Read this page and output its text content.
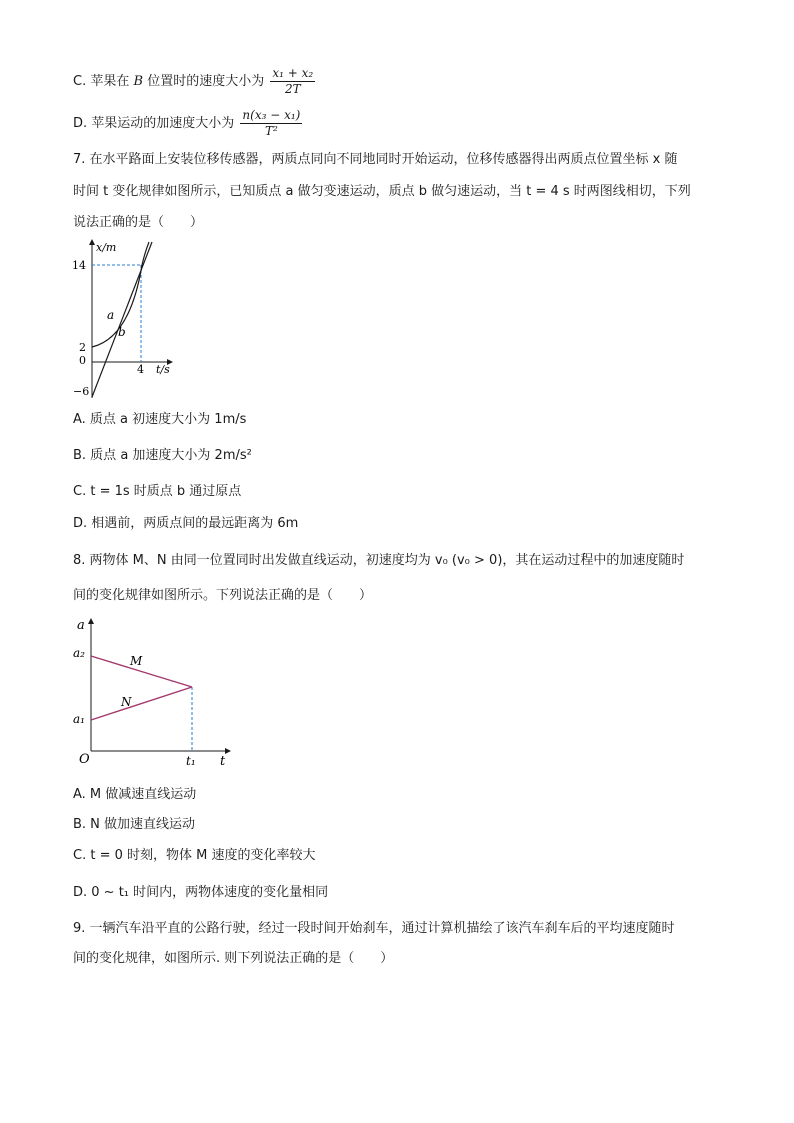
C. 苹果在 B 位置时的速度大小为 $\frac{\text{x₁ + x₂}}{2T}$
D. 苹果运动的加速度大小为 $\frac{\text{n(x₃ − x₁)}}{\text{T²}}$
7. 在水平路面上安装位移传感器，两质点同向不同地同时开始运动，位移传感器得出两质点位置坐标 x 随
时间 t 变化规律如图所示，已知质点 a 做匀变速运动，质点 b 做匀速运动，当 t = 4 s 时两图线相切，下列
说法正确的是（　　）
x/m
14
2
0
−6
4 t/s
a
b
A. 质点 a 初速度大小为 1m/s
B. 质点 a 加速度大小为 2m/s²
C. t = 1s 时质点 b 通过原点
D. 相遇前，两质点间的最远距离为 6m
8. 两物体 M、N 由同一位置同时出发做直线运动，初速度均为 v₀ (v₀ > 0)，其在运动过程中的加速度随时
间的变化规律如图所示。下列说法正确的是（　　）
a
a₂
a₁
O	t₁ t
M
N
A. M 做减速直线运动
B. N 做加速直线运动
C. t = 0 时刻，物体 M 速度的变化率较大
D. 0 ~ t₁ 时间内，两物体速度的变化量相同
9. 一辆汽车沿平直的公路行驶，经过一段时间开始刹车，通过计算机描绘了该汽车刹车后的平均速度随时
间的变化规律，如图所示. 则下列说法正确的是（　　）
